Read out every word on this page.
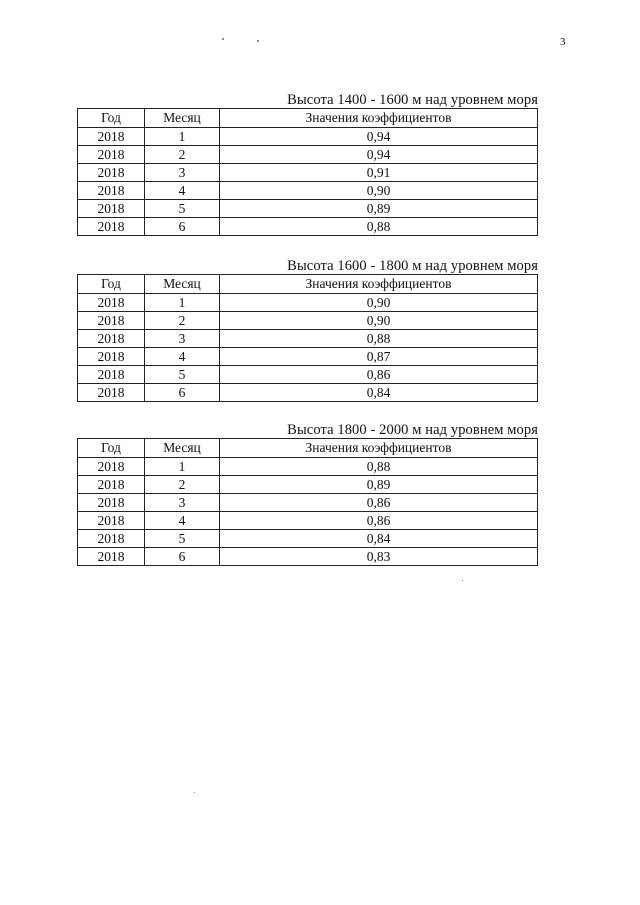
3
Высота 1400 - 1600 м над уровнем моря
Год	Месяц	Значения коэффициентов
2018	1	0,94
2018	2	0,94
2018	3	0,91
2018	4	0,90
2018	5	0,89
2018	6	0,88
Высота 1600 - 1800 м над уровнем моря
Год	Месяц	Значения коэффициентов
2018	1	0,90
2018	2	0,90
2018	3	0,88
2018	4	0,87
2018	5	0,86
2018	6	0,84
Высота 1800 - 2000 м над уровнем моря
Год	Месяц	Значения коэффициентов
2018	1	0,88
2018	2	0,89
2018	3	0,86
2018	4	0,86
2018	5	0,84
2018	6	0,83
